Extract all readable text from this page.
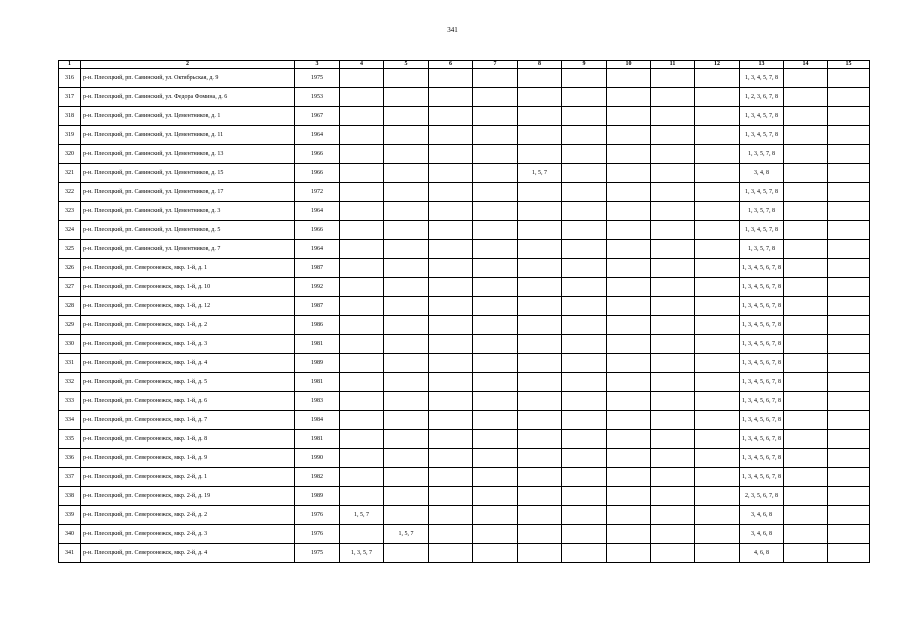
341
1	2	3	4	5	6	7	8	9	10	11	12	13	14	15
316	р-н. Плесецкий, рп. Савинский, ул. Октябрьская, д. 9	1975										1, 3, 4, 5, 7, 8		
317	р-н. Плесецкий, рп. Савинский, ул. Федора Фомина, д. 6	1953										1, 2, 3, 6, 7, 8		
318	р-н. Плесецкий, рп. Савинский, ул. Цементников, д. 1	1967										1, 3, 4, 5, 7, 8		
319	р-н. Плесецкий, рп. Савинский, ул. Цементников, д. 11	1964										1, 3, 4, 5, 7, 8		
320	р-н. Плесецкий, рп. Савинский, ул. Цементников, д. 13	1966										1, 3, 5, 7, 8		
321	р-н. Плесецкий, рп. Савинский, ул. Цементников, д. 15	1966					1, 5, 7					3, 4, 8		
322	р-н. Плесецкий, рп. Савинский, ул. Цементников, д. 17	1972										1, 3, 4, 5, 7, 8		
323	р-н. Плесецкий, рп. Савинский, ул. Цементников, д. 3	1964										1, 3, 5, 7, 8		
324	р-н. Плесецкий, рп. Савинский, ул. Цементников, д. 5	1966										1, 3, 4, 5, 7, 8		
325	р-н. Плесецкий, рп. Савинский, ул. Цементников, д. 7	1964										1, 3, 5, 7, 8		
326	р-н. Плесецкий, рп. Североонежск, мкр. 1-й, д. 1	1987										1, 3, 4, 5, 6, 7, 8		
327	р-н. Плесецкий, рп. Североонежск, мкр. 1-й, д. 10	1992										1, 3, 4, 5, 6, 7, 8		
328	р-н. Плесецкий, рп. Североонежск, мкр. 1-й, д. 12	1987										1, 3, 4, 5, 6, 7, 8		
329	р-н. Плесецкий, рп. Североонежск, мкр. 1-й, д. 2	1986										1, 3, 4, 5, 6, 7, 8		
330	р-н. Плесецкий, рп. Североонежск, мкр. 1-й, д. 3	1981										1, 3, 4, 5, 6, 7, 8		
331	р-н. Плесецкий, рп. Североонежск, мкр. 1-й, д. 4	1989										1, 3, 4, 5, 6, 7, 8		
332	р-н. Плесецкий, рп. Североонежск, мкр. 1-й, д. 5	1981										1, 3, 4, 5, 6, 7, 8		
333	р-н. Плесецкий, рп. Североонежск, мкр. 1-й, д. 6	1983										1, 3, 4, 5, 6, 7, 8		
334	р-н. Плесецкий, рп. Североонежск, мкр. 1-й, д. 7	1984										1, 3, 4, 5, 6, 7, 8		
335	р-н. Плесецкий, рп. Североонежск, мкр. 1-й, д. 8	1981										1, 3, 4, 5, 6, 7, 8		
336	р-н. Плесецкий, рп. Североонежск, мкр. 1-й, д. 9	1990										1, 3, 4, 5, 6, 7, 8		
337	р-н. Плесецкий, рп. Североонежск, мкр. 2-й, д. 1	1982										1, 3, 4, 5, 6, 7, 8		
338	р-н. Плесецкий, рп. Североонежск, мкр. 2-й, д. 19	1989										2, 3, 5, 6, 7, 8		
339	р-н. Плесецкий, рп. Североонежск, мкр. 2-й, д. 2	1976	1, 5, 7									3, 4, 6, 8		
340	р-н. Плесецкий, рп. Североонежск, мкр. 2-й, д. 3	1976		1, 5, 7								3, 4, 6, 8		
341	р-н. Плесецкий, рп. Североонежск, мкр. 2-й, д. 4	1975	1, 3, 5, 7									4, 6, 8		
